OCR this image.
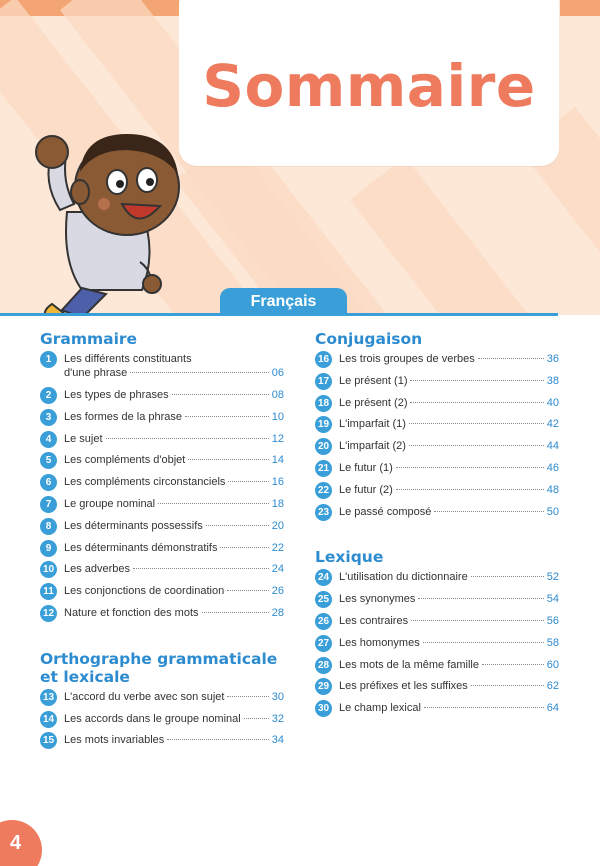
Sommaire
Français
Grammaire
1	Les différents constituants
d'une phrase	06
2	Les types de phrases	08
3	Les formes de la phrase	10
4	Le sujet	12
5	Les compléments d'objet	14
6	Les compléments circonstanciels	16
7	Le groupe nominal	18
8	Les déterminants possessifs	20
9	Les déterminants démonstratifs	22
10 Les adverbes	24
11 Les conjonctions de coordination	26
12 Nature et fonction des mots	28
Orthographe grammaticale et lexicale
13 L'accord du verbe avec son sujet	30
14 Les accords dans le groupe nominal	32
15 Les mots invariables	34
Conjugaison
16 Les trois groupes de verbes	36
17 Le présent (1)	38
18 Le présent (2)	40
19 L'imparfait (1)	42
20 L'imparfait (2)	44
21 Le futur (1)	46
22 Le futur (2)	48
23 Le passé composé	50
Lexique
24 L'utilisation du dictionnaire	52
25 Les synonymes	54
26 Les contraires	56
27 Les homonymes	58
28 Les mots de la même famille	60
29 Les préfixes et les suffixes	62
30 Le champ lexical	64
4
